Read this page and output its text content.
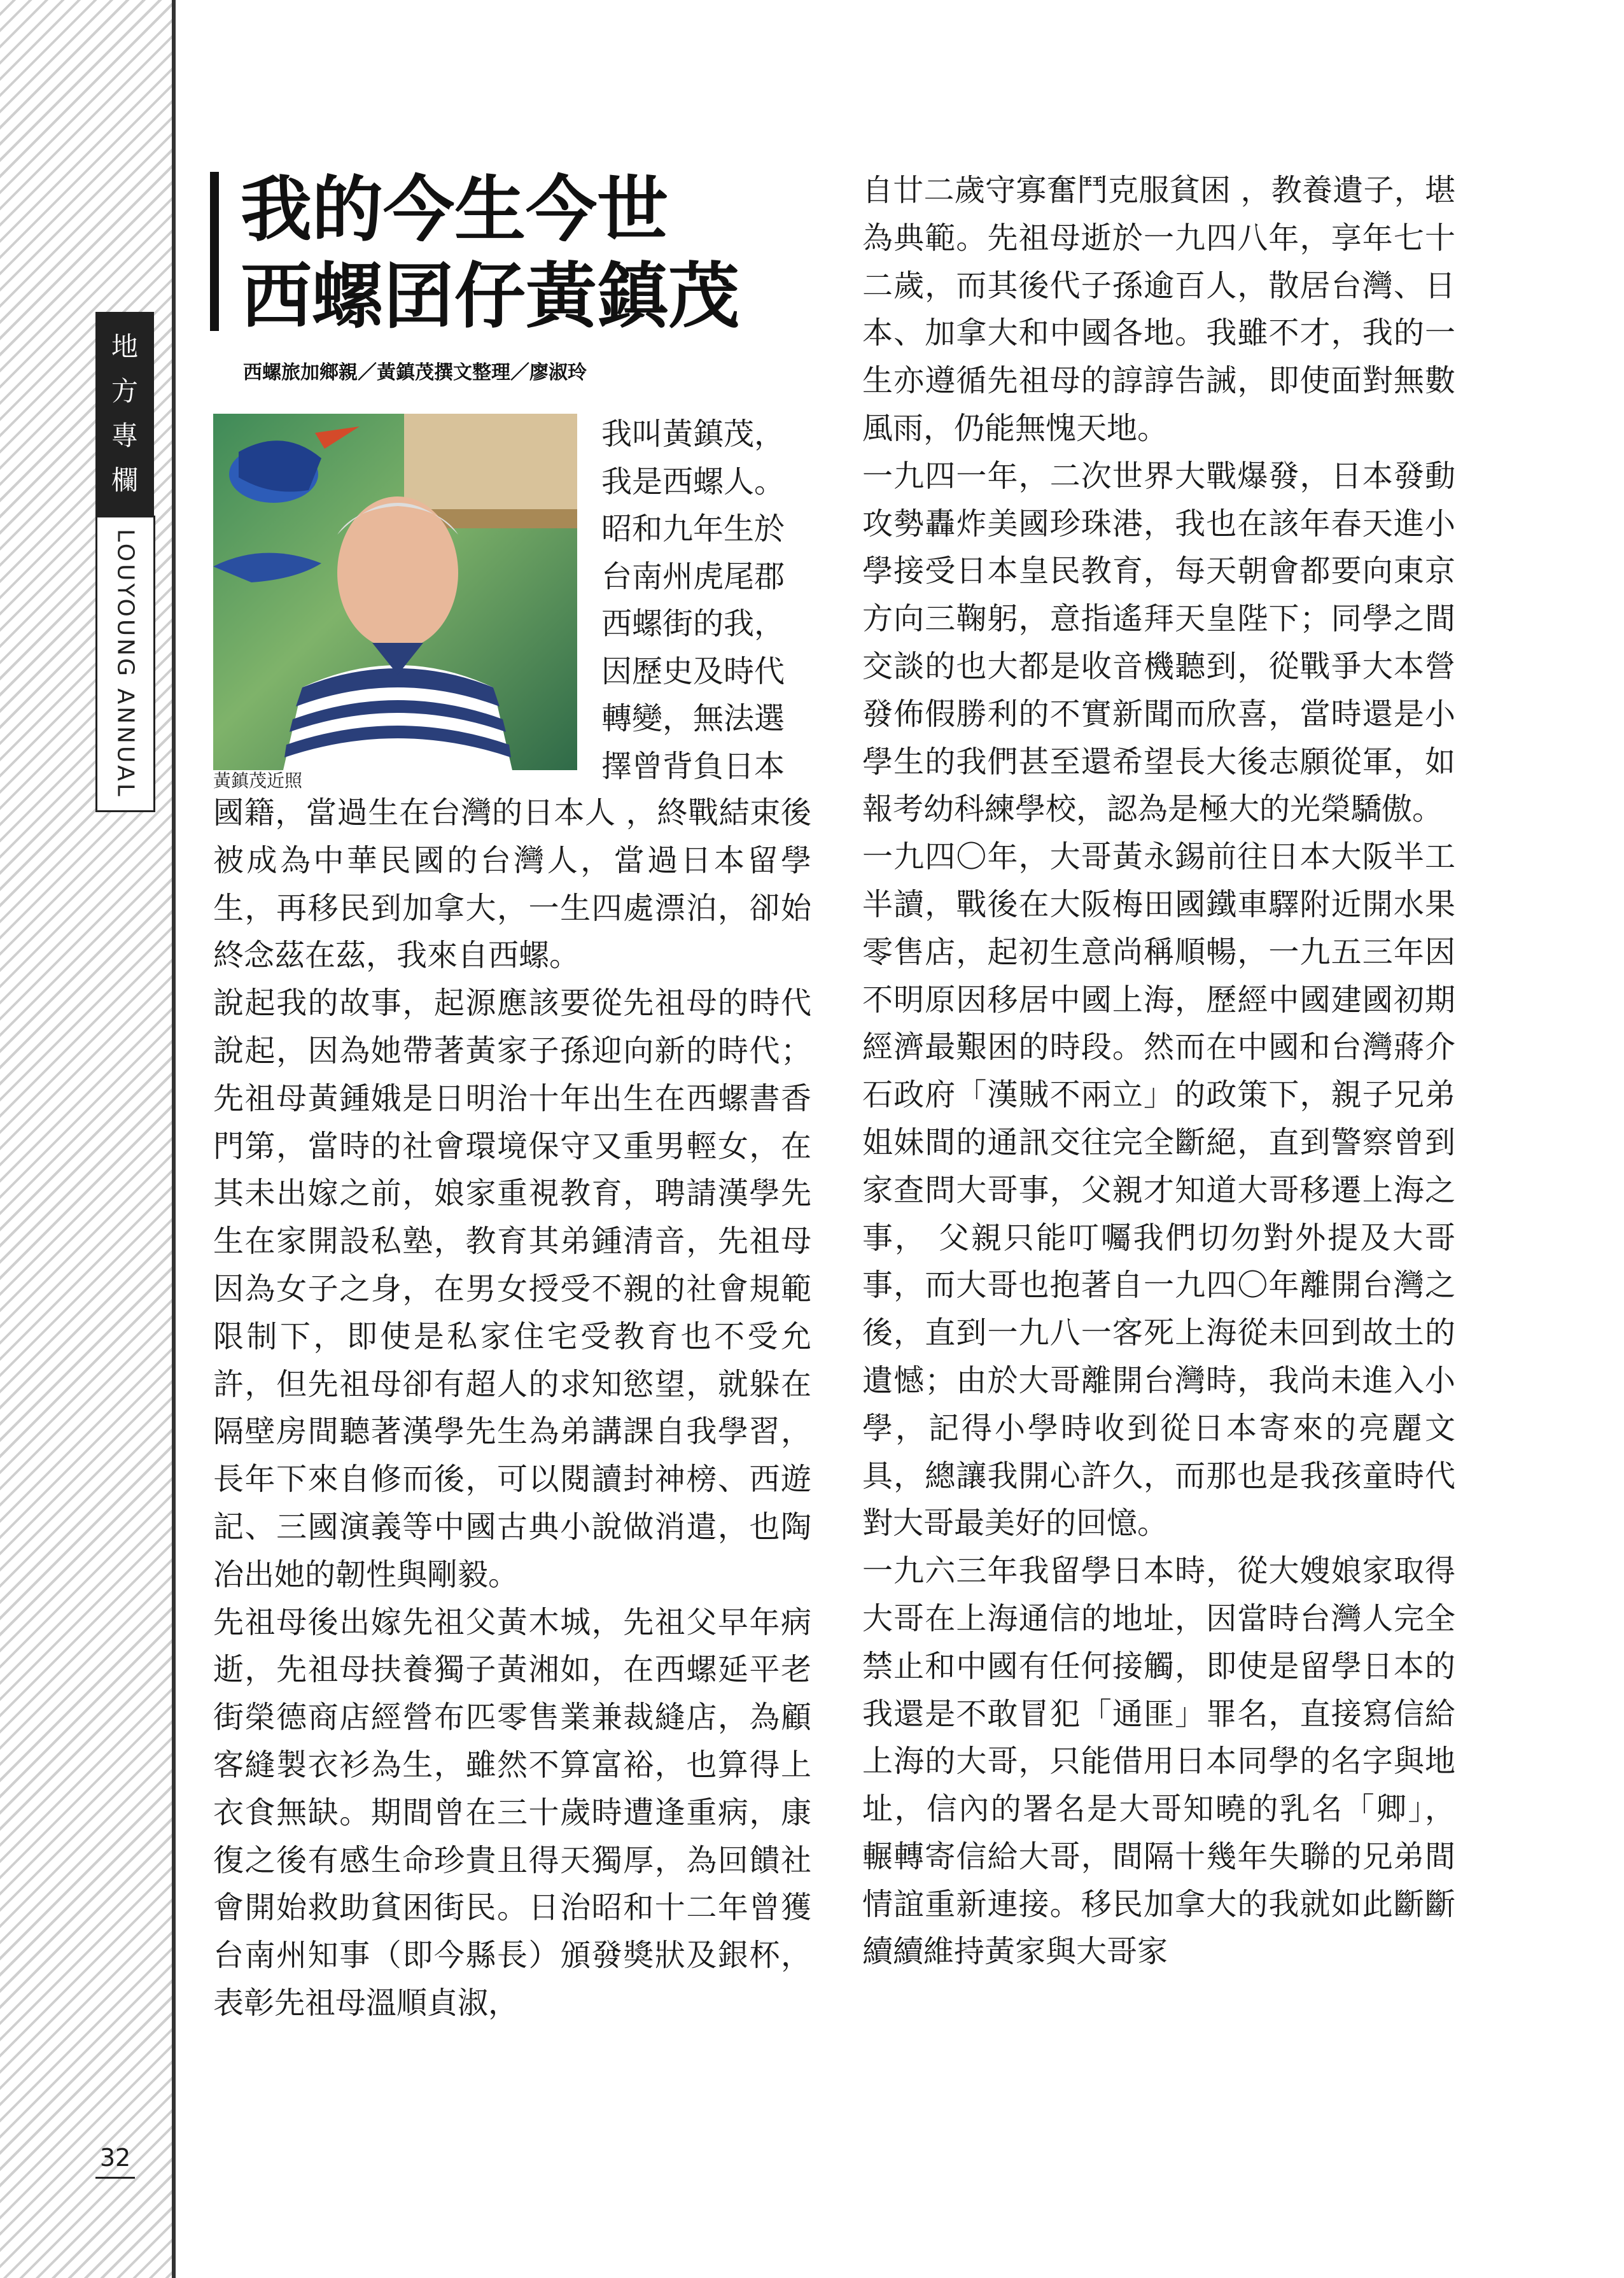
地
方
專
欄
LOUYOUNG ANNUAL
32
我的今生今世
西螺囝仔黃鎮茂
西螺旅加鄉親／黃鎮茂撰文整理／廖淑玲
黃鎮茂近照

我叫黃鎮茂，

我是西螺人。

昭和九年生於

台南州虎尾郡

西螺街的我，

因歷史及時代

轉變，無法選

擇曾背負日本

國籍，當過生在台灣的日本人 ，終戰結束後被成為中華民國的台灣人，當過日本留學生，再移民到加拿大，一生四處漂泊，卻始終念茲在茲，我來自西螺。

說起我的故事，起源應該要從先祖母的時代說起，因為她帶著黃家子孫迎向新的時代；先祖母黃鍾娥是日明治十年出生在西螺書香門第，當時的社會環境保守又重男輕女，在其未出嫁之前，娘家重視教育，聘請漢學先生在家開設私塾，教育其弟鍾清音，先祖母因為女子之身，在男女授受不親的社會規範限制下，即使是私家住宅受教育也不受允許，但先祖母卻有超人的求知慾望，就躲在隔壁房間聽著漢學先生為弟講課自我學習，長年下來自修而後，可以閱讀封神榜、西遊記、三國演義等中國古典小說做消遣，也陶冶出她的韌性與剛毅。

先祖母後出嫁先祖父黃木城，先祖父早年病逝，先祖母扶養獨子黃湘如，在西螺延平老街榮德商店經營布匹零售業兼裁縫店，為顧客縫製衣衫為生，雖然不算富裕，也算得上衣食無缺。期間曾在三十歲時遭逢重病，康復之後有感生命珍貴且得天獨厚，為回饋社會開始救助貧困街民。日治昭和十二年曾獲台南州知事（即今縣長）頒發獎狀及銀杯，表彰先祖母溫順貞淑，

自廿二歲守寡奮鬥克服貧困 ，教養遺子，堪為典範。先祖母逝於一九四八年，享年七十二歲，而其後代子孫逾百人，散居台灣、日本、加拿大和中國各地。我雖不才，我的一生亦遵循先祖母的諄諄告誡，即使面對無數風雨，仍能無愧天地。

一九四一年，二次世界大戰爆發，日本發動攻勢轟炸美國珍珠港，我也在該年春天進小學接受日本皇民教育，每天朝會都要向東京方向三鞠躬，意指遙拜天皇陛下；同學之間交談的也大都是收音機聽到，從戰爭大本營發佈假勝利的不實新聞而欣喜，當時還是小學生的我們甚至還希望長大後志願從軍，如報考幼科練學校，認為是極大的光榮驕傲。

一九四〇年，大哥黃永錫前往日本大阪半工半讀，戰後在大阪梅田國鐵車驛附近開水果零售店，起初生意尚稱順暢，一九五三年因不明原因移居中國上海，歷經中國建國初期經濟最艱困的時段。然而在中國和台灣蔣介石政府「漢賊不兩立」的政策下，親子兄弟姐妹間的通訊交往完全斷絕，直到警察曾到家查問大哥事，父親才知道大哥移遷上海之事， 父親只能叮囑我們切勿對外提及大哥事，而大哥也抱著自一九四〇年離開台灣之後，直到一九八一客死上海從未回到故土的遺憾；由於大哥離開台灣時，我尚未進入小學，記得小學時收到從日本寄來的亮麗文具，總讓我開心許久，而那也是我孩童時代對大哥最美好的回憶。

一九六三年我留學日本時，從大嫂娘家取得大哥在上海通信的地址，因當時台灣人完全禁止和中國有任何接觸，即使是留學日本的我還是不敢冒犯「通匪」罪名，直接寫信給上海的大哥，只能借用日本同學的名字與地址，信內的署名是大哥知曉的乳名「卿」，輾轉寄信給大哥，間隔十幾年失聯的兄弟間情誼重新連接。移民加拿大的我就如此斷斷續續維持黃家與大哥家
